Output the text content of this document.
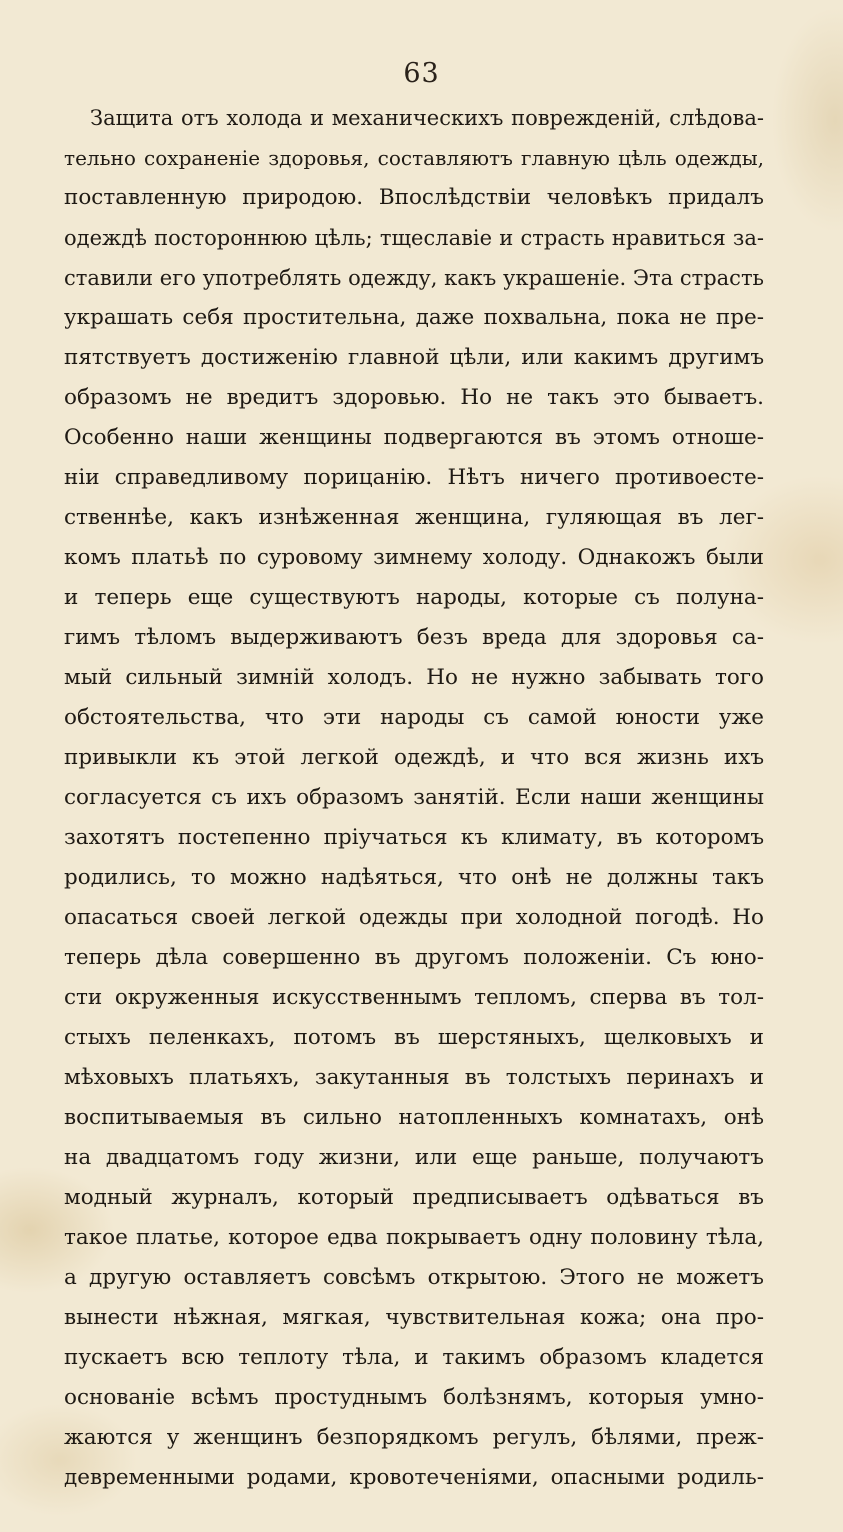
63
Защита отъ холода и механическихъ поврежденій, слѣдова-
тельно сохраненіе здоровья, составляютъ главную цѣль одежды,
поставленную природою. Впослѣдствіи человѣкъ придалъ
одеждѣ постороннюю цѣль; тщеславіе и страсть нравиться за-
ставили его употреблять одежду, какъ украшеніе. Эта страсть
украшать себя простительна, даже похвальна, пока не пре-
пятствуетъ достиженію главной цѣли, или какимъ другимъ
образомъ не вредитъ здоровью. Но не такъ это бываетъ.
Особенно наши женщины подвергаются въ этомъ отноше-
ніи справедливому порицанію. Нѣтъ ничего противоесте-
ственнѣе, какъ изнѣженная женщина, гуляющая въ лег-
комъ платьѣ по суровому зимнему холоду. Однакожъ были
и теперь еще существуютъ народы, которые съ полуна-
гимъ тѣломъ выдерживаютъ безъ вреда для здоровья са-
мый сильный зимній холодъ. Но не нужно забывать того
обстоятельства, что эти народы съ самой юности уже
привыкли къ этой легкой одеждѣ, и что вся жизнь ихъ
согласуется съ ихъ образомъ занятій. Если наши женщины
захотятъ постепенно пріучаться къ климату, въ которомъ
родились, то можно надѣяться, что онѣ не должны такъ
опасаться своей легкой одежды при холодной погодѣ. Но
теперь дѣла совершенно въ другомъ положеніи. Съ юно-
сти окруженныя искусственнымъ тепломъ, сперва въ тол-
стыхъ пеленкахъ, потомъ въ шерстяныхъ, щелковыхъ и
мѣховыхъ платьяхъ, закутанныя въ толстыхъ перинахъ и
воспитываемыя въ сильно натопленныхъ комнатахъ, онѣ
на двадцатомъ году жизни, или еще раньше, получаютъ
модный журналъ, который предписываетъ одѣваться въ
такое платье, которое едва покрываетъ одну половину тѣла,
а другую оставляетъ совсѣмъ открытою. Этого не можетъ
вынести нѣжная, мягкая, чувствительная кожа; она про-
пускаетъ всю теплоту тѣла, и такимъ образомъ кладется
основаніе всѣмъ простуднымъ болѣзнямъ, которыя умно-
жаются у женщинъ безпорядкомъ регулъ, бѣлями, преж-
девременными родами, кровотеченіями, опасными родиль-
